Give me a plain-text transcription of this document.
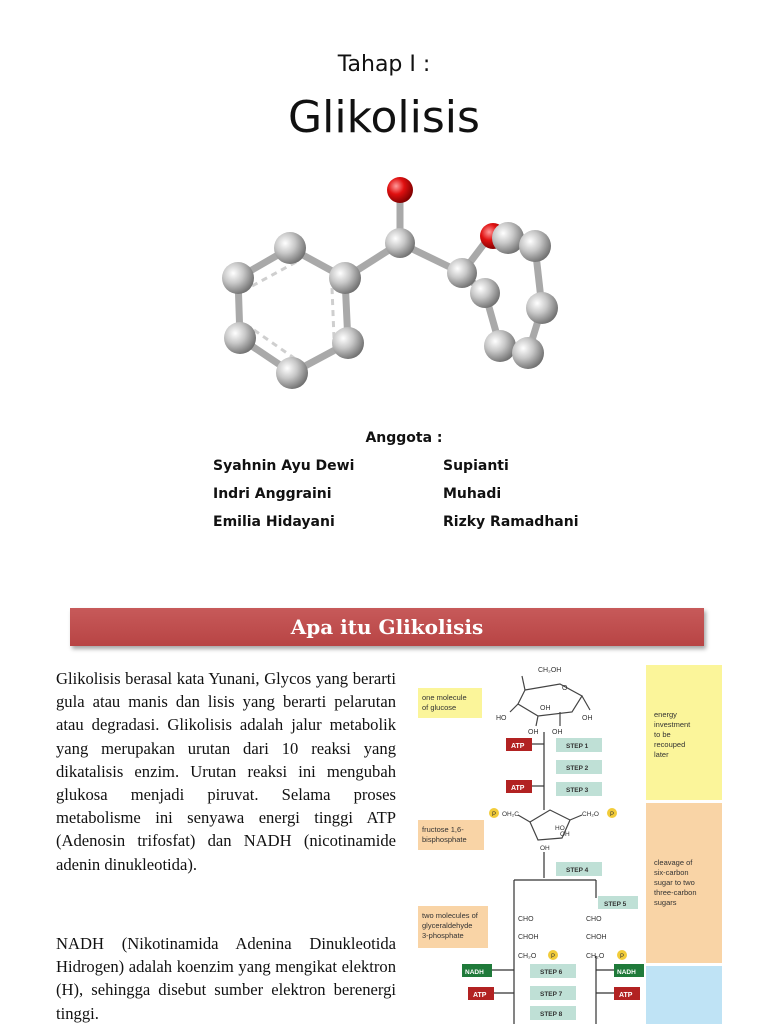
Tahap I :
Glikolisis
Anggota :
Syahnin Ayu Dewi	Supianti
Indri Anggraini	Muhadi
Emilia Hidayani	Rizky Ramadhani
Apa itu Glikolisis
Glikolisis berasal kata Yunani, Glycos yang berarti gula atau manis dan lisis yang berarti pelarutan atau degradasi. Glikolisis adalah jalur metabolik yang merupakan urutan dari 10 reaksi yang dikatalisis enzim. Urutan reaksi ini mengubah glukosa menjadi piruvat. Selama proses metabolisme ini senyawa energi tinggi ATP (Adenosin trifosfat) dan NADH (nicotinamide adenin dinukleotida).
NADH (Nikotinamida Adenina Dinukleotida Hidrogen) adalah koenzim yang mengikat elektron (H), sehingga disebut sumber elektron berenergi tinggi.
one molecule
of glucose
fructose 1,6-
bisphosphate
two molecules of
glyceraldehyde
3-phosphate
energy
investment
to be
recouped
later
cleavage of
six-carbon
sugar to two
three-carbon
sugars
CH₂OH
O
OH OH
HO	OH
OH
STEP 1
STEP 2
STEP 3
ATP
ATP
P OH₂C	CH₂O P
HO
OH
OH
STEP 4
STEP 5
CHO
CHOH
CH₂O
CHO
CHOH
CH₂O
P	P
STEP 6
STEP 7
STEP 8
NADH	NADH
ATP	ATP
